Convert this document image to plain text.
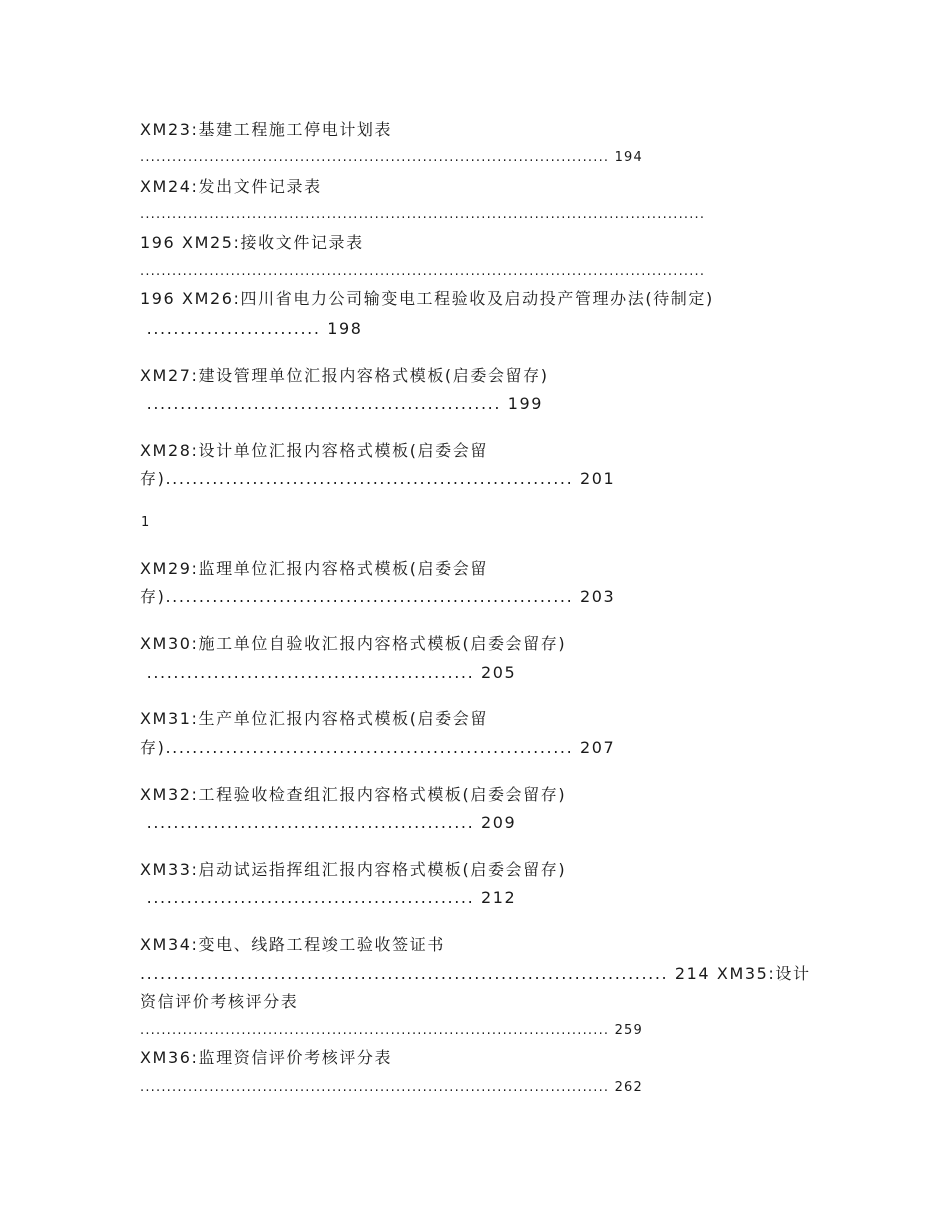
XM23:基建工程施工停电计划表
........................................................................................ 194
XM24:发出文件记录表
..........................................................................................................
196 XM25:接收文件记录表
..........................................................................................................
196 XM26:四川省电力公司输变电工程验收及启动投产管理办法(待制定)
.......................... 198
XM27:建设管理单位汇报内容格式模板(启委会留存)
..................................................... 199
XM28:设计单位汇报内容格式模板(启委会留
存)............................................................. 201
1
XM29:监理单位汇报内容格式模板(启委会留
存)............................................................. 203
XM30:施工单位自验收汇报内容格式模板(启委会留存)
................................................. 205
XM31:生产单位汇报内容格式模板(启委会留
存)............................................................. 207
XM32:工程验收检查组汇报内容格式模板(启委会留存)
................................................. 209
XM33:启动试运指挥组汇报内容格式模板(启委会留存)
................................................. 212
XM34:变电、线路工程竣工验收签证书
............................................................................... 214 XM35:设计
资信评价考核评分表
........................................................................................ 259
XM36:监理资信评价考核评分表
........................................................................................ 262
